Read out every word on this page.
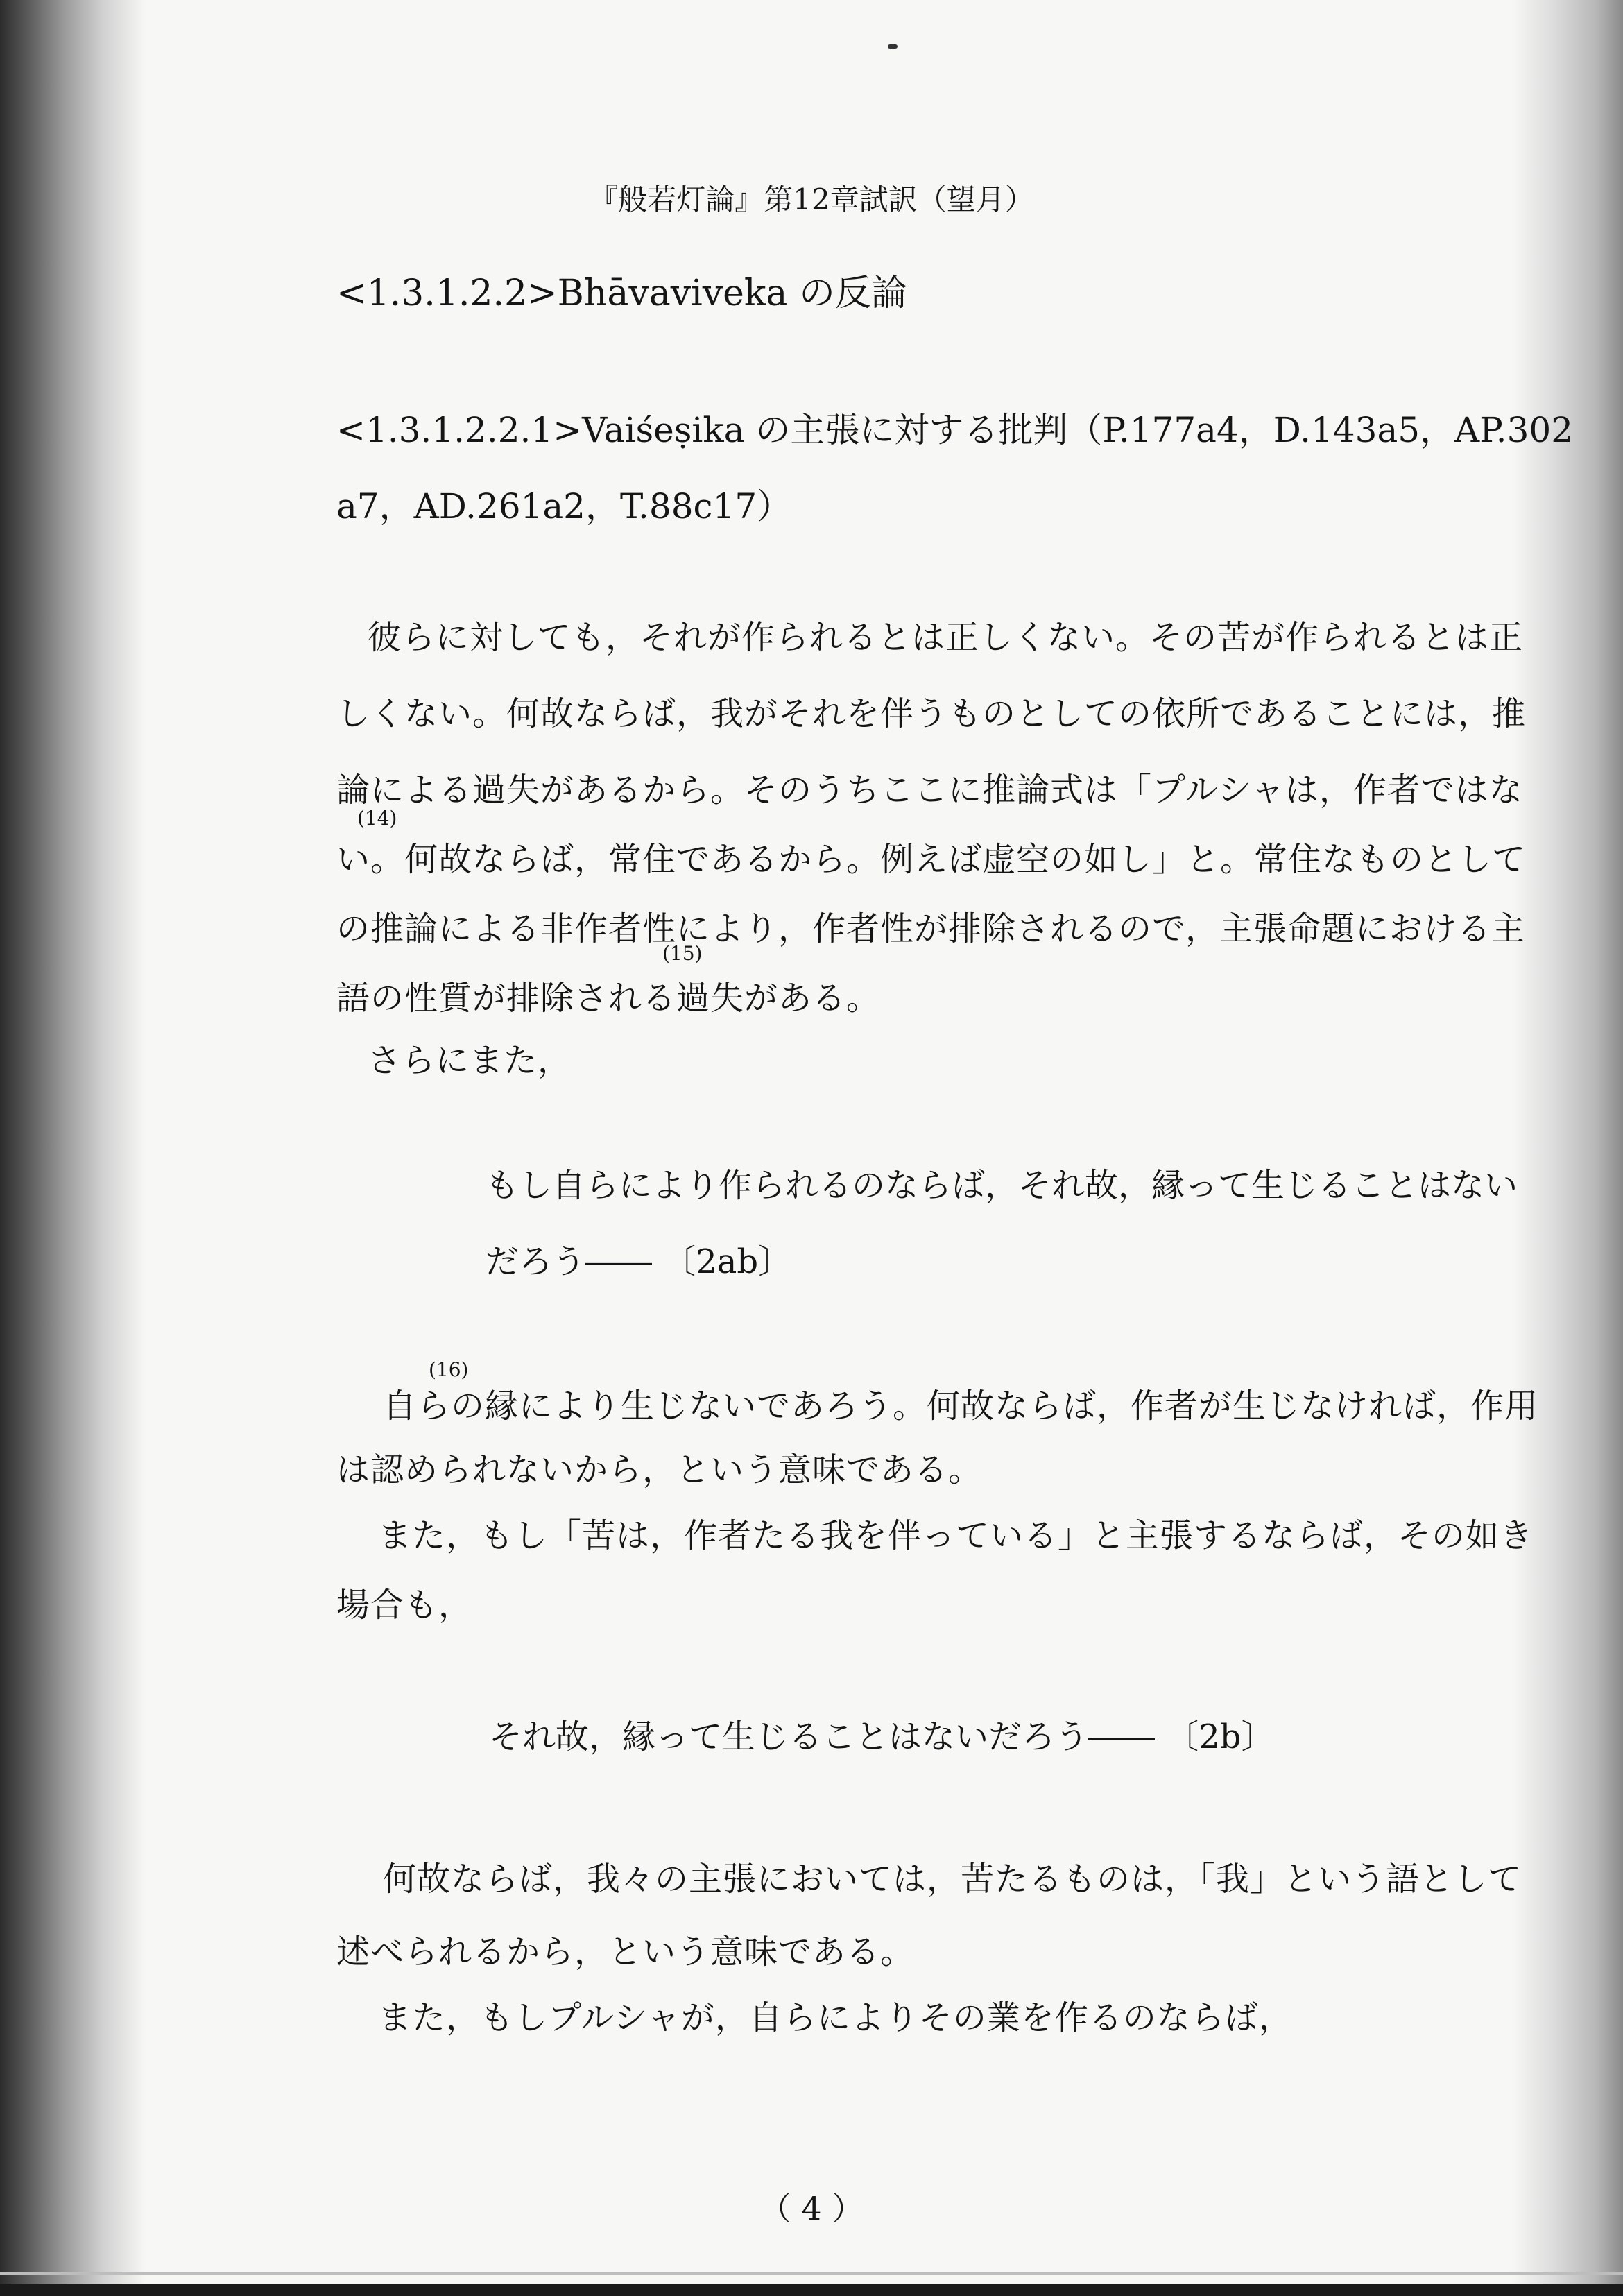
『般若灯論』第12章試訳（望月）
<1.3.1.2.2>Bhāvaviveka の反論
<1.3.1.2.2.1>Vaiśeṣika の主張に対する批判（P.177a4，D.143a5，AP.302
a7，AD.261a2，T.88c17）
彼らに対しても，それが作られるとは正しくない。その苦が作られるとは正
しくない。何故ならば，我がそれを伴うものとしての依所であることには，推
論による過失があるから。そのうちここに推論式は「プルシャは，作者ではな
(14)
い。何故ならば，常住であるから。例えば虚空の如し」と。常住なものとして
の推論による非作者性により，作者性が排除されるので，主張命題における主
(15)
語の性質が排除される過失がある。
さらにまた，
もし自らにより作られるのならば，それ故，縁って生じることはない
だろう―― 〔2ab〕
(16)
自らの縁により生じないであろう。何故ならば，作者が生じなければ，作用
は認められないから，という意味である。
また，もし「苦は，作者たる我を伴っている」と主張するならば，その如き
場合も，
それ故，縁って生じることはないだろう―― 〔2b〕
何故ならば，我々の主張においては，苦たるものは，「我」という語として
述べられるから，という意味である。
また，もしプルシャが，自らによりその業を作るのならば，
（ 4 ）
